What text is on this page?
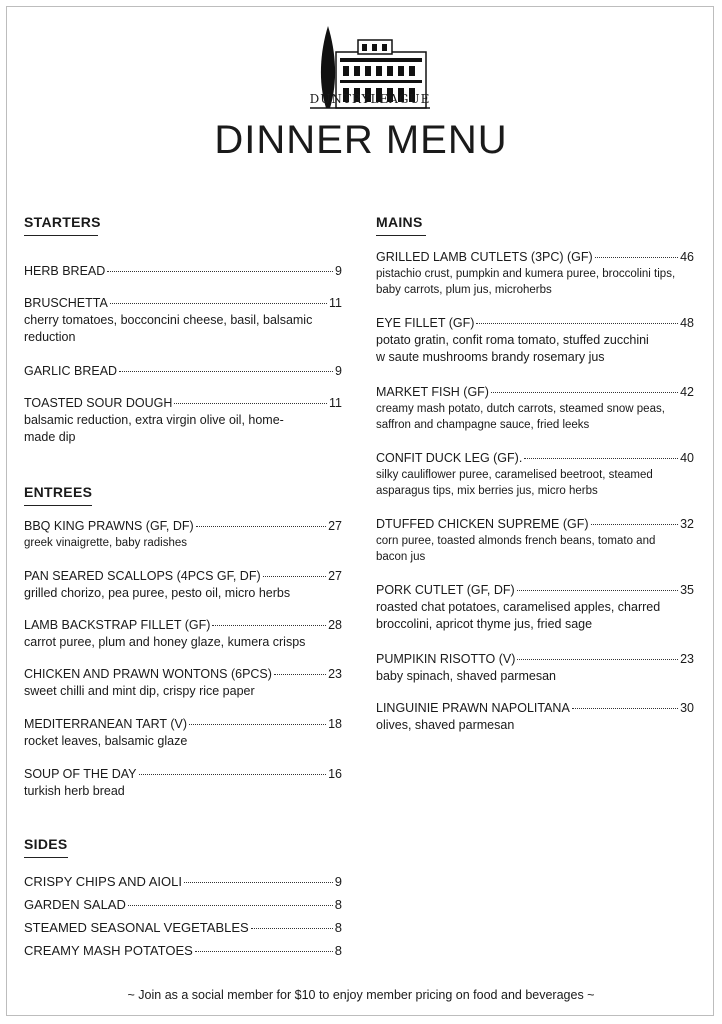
DUNTRYLEAGUE
DINNER MENU
STARTERS
HERB BREAD	9
BRUSCHETTA	11
cherry tomatoes, bocconcini cheese, basil, balsamic
reduction
GARLIC BREAD	9
TOASTED SOUR DOUGH	11
balsamic reduction, extra virgin olive oil, home-
made dip
ENTREES
BBQ KING PRAWNS (GF, DF)	27
greek vinaigrette, baby radishes
PAN SEARED SCALLOPS (4PCS GF, DF)	27
grilled chorizo, pea puree, pesto oil, micro herbs
LAMB BACKSTRAP FILLET (GF)	28
carrot puree, plum and honey glaze, kumera crisps
CHICKEN AND PRAWN WONTONS (6PCS)	23
sweet chilli and mint dip, crispy rice paper
MEDITERRANEAN TART (V)	18
rocket leaves, balsamic glaze
SOUP OF THE DAY	16
turkish herb bread
SIDES
CRISPY CHIPS AND AIOLI	9
GARDEN SALAD	8
STEAMED SEASONAL VEGETABLES	8
CREAMY MASH POTATOES	8
MAINS
GRILLED LAMB CUTLETS (3PC) (GF)	46
pistachio crust, pumpkin and kumera puree, broccolini tips,
baby carrots, plum jus, microherbs
EYE FILLET (GF)	48
potato gratin, confit roma tomato, stuffed zucchini
w saute mushrooms brandy rosemary jus
MARKET FISH (GF)	42
creamy mash potato, dutch carrots, steamed snow peas,
saffron and champagne sauce, fried leeks
CONFIT DUCK LEG (GF).	40
silky cauliflower puree, caramelised beetroot, steamed
asparagus tips, mix berries jus, micro herbs
DTUFFED CHICKEN SUPREME (GF)	32
corn puree, toasted almonds french beans, tomato and
bacon jus
PORK CUTLET (GF, DF)	35
roasted chat potatoes, caramelised apples, charred
broccolini, apricot thyme jus, fried sage
PUMPIKIN RISOTTO (V)	23
baby spinach, shaved parmesan
LINGUINIE PRAWN NAPOLITANA	30
olives, shaved parmesan
~ Join as a social member for $10 to enjoy member pricing on food and beverages ~
